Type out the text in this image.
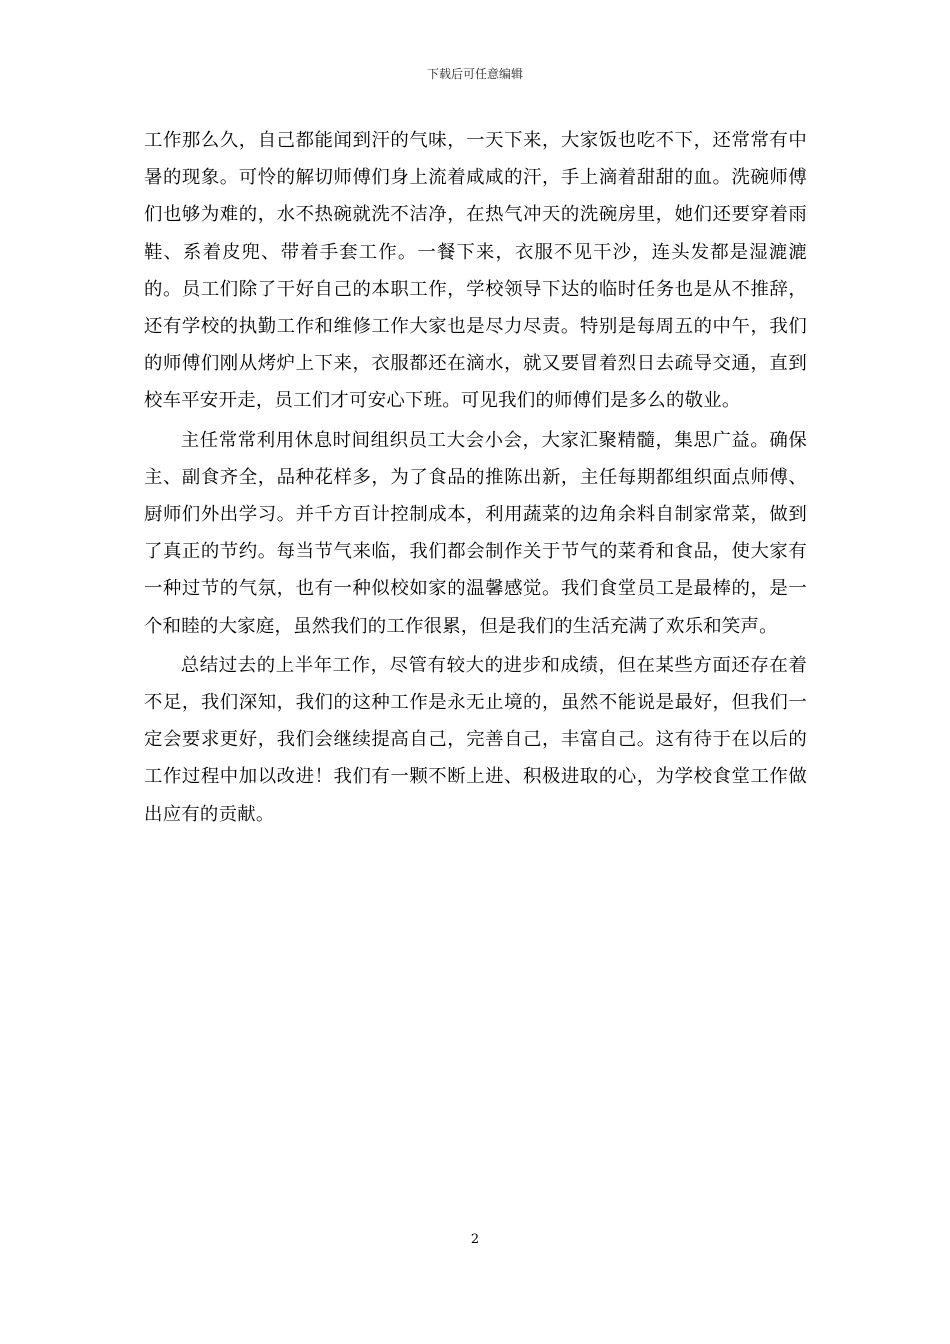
下载后可任意编辑

工作那么久，自己都能闻到汗的气味，一天下来，大家饭也吃不下，还常常有中暑的现象。可怜的解切师傅们身上流着咸咸的汗，手上滴着甜甜的血。洗碗师傅们也够为难的，水不热碗就洗不洁净，在热气冲天的洗碗房里，她们还要穿着雨鞋、系着皮兜、带着手套工作。一餐下来，衣服不见干沙，连头发都是湿漉漉的。员工们除了干好自己的本职工作，学校领导下达的临时任务也是从不推辞，还有学校的执勤工作和维修工作大家也是尽力尽责。特别是每周五的中午，我们的师傅们刚从烤炉上下来，衣服都还在滴水，就又要冒着烈日去疏导交通，直到校车平安开走，员工们才可安心下班。可见我们的师傅们是多么的敬业。

主任常常利用休息时间组织员工大会小会，大家汇聚精髓，集思广益。确保主、副食齐全，品种花样多，为了食品的推陈出新，主任每期都组织面点师傅、厨师们外出学习。并千方百计控制成本，利用蔬菜的边角余料自制家常菜，做到了真正的节约。每当节气来临，我们都会制作关于节气的菜肴和食品，使大家有一种过节的气氛，也有一种似校如家的温馨感觉。我们食堂员工是最棒的，是一个和睦的大家庭，虽然我们的工作很累，但是我们的生活充满了欢乐和笑声。

总结过去的上半年工作，尽管有较大的进步和成绩，但在某些方面还存在着不足，我们深知，我们的这种工作是永无止境的，虽然不能说是最好，但我们一定会要求更好，我们会继续提高自己，完善自己，丰富自己。这有待于在以后的工作过程中加以改进！我们有一颗不断上进、积极进取的心，为学校食堂工作做出应有的贡献。

2
